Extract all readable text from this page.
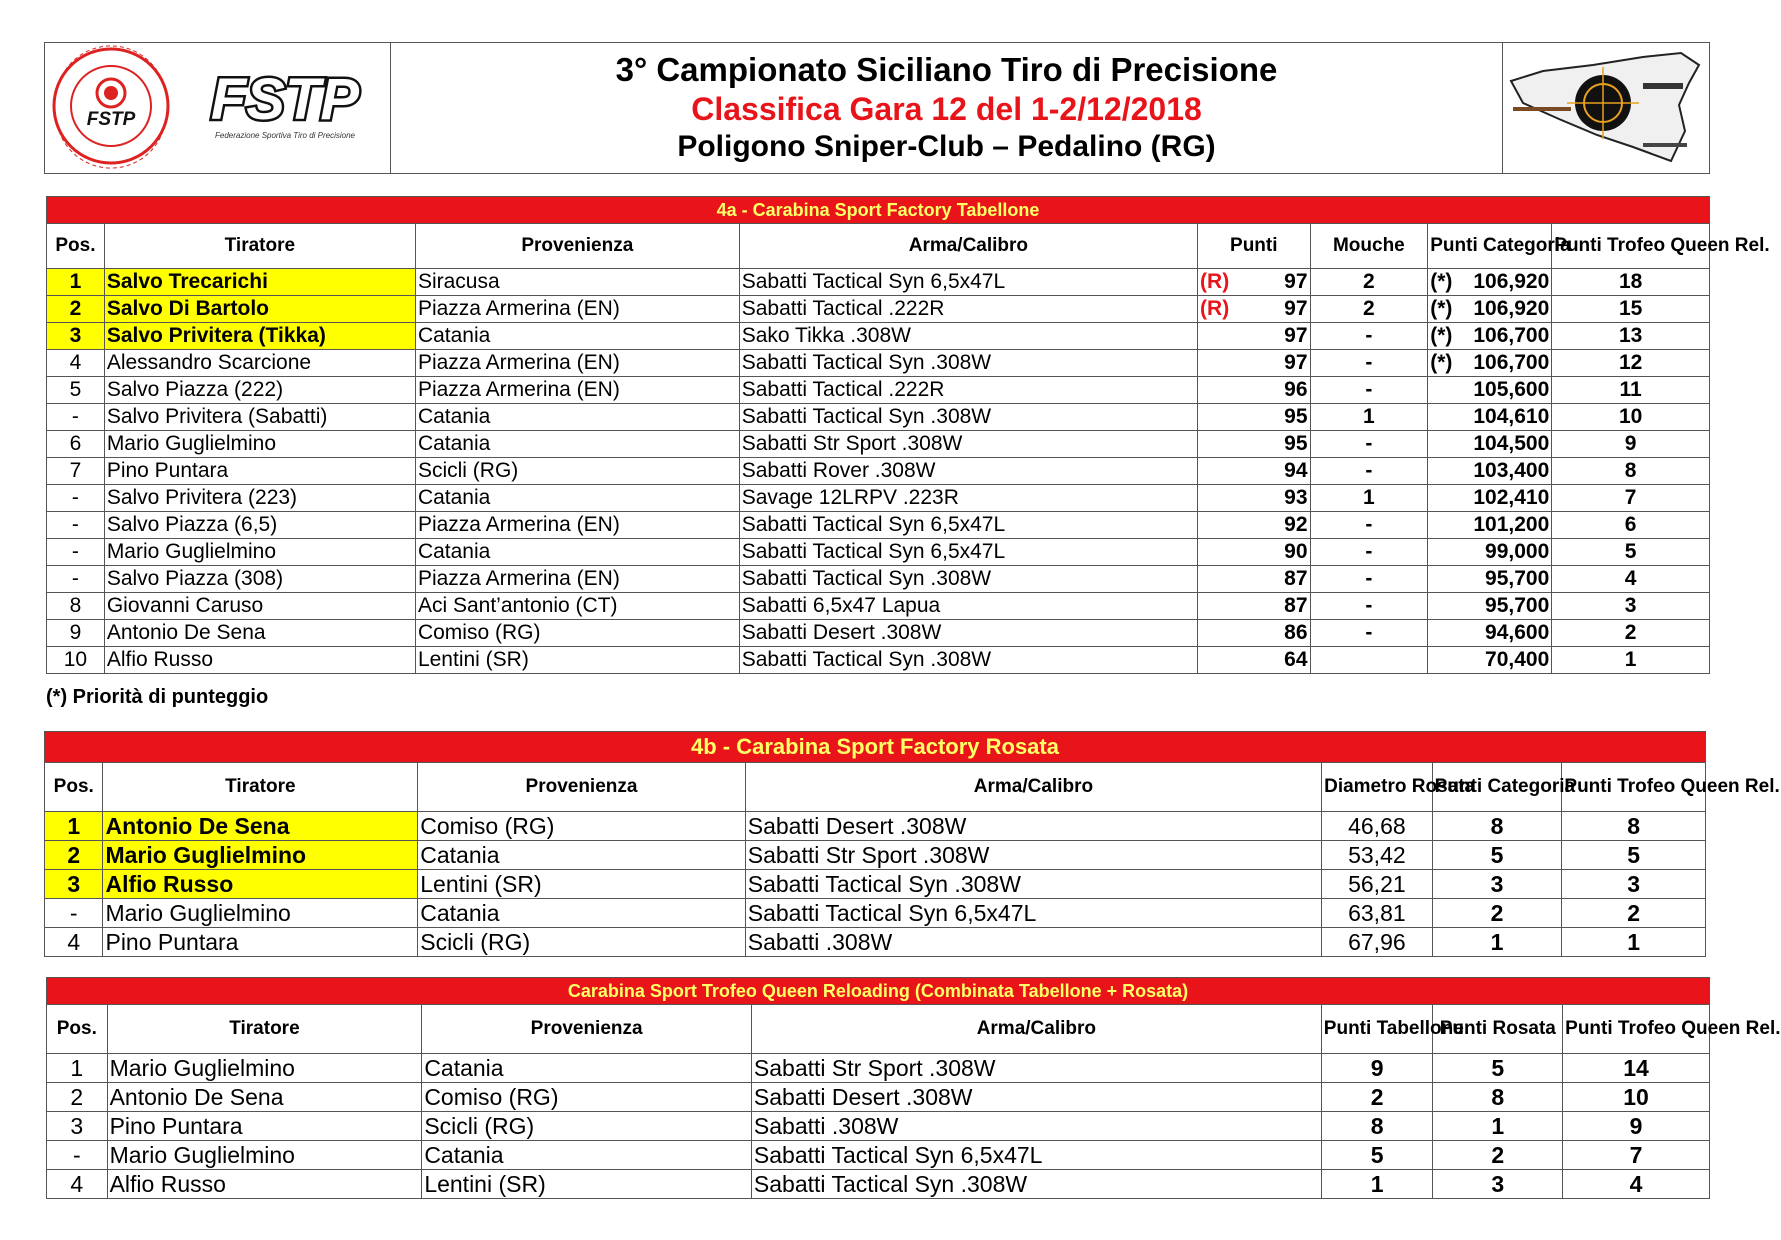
FSTP FSTP
Federazione Sportiva Tiro di Precisione
3° Campionato Siciliano Tiro di Precisione
Classifica Gara 12 del 1-2/12/2018
Poligono Sniper-Club – Pedalino (RG)
4a - Carabina Sport Factory Tabellone							
Pos.	Tiratore	Provenienza	Arma/Calibro	Punti	Mouche	Punti Categoria	Punti Trofeo Queen Rel.
1	Salvo Trecarichi	Siracusa	Sabatti Tactical Syn 6,5x47L	(R) 97	2	(*) 106,920	18
2	Salvo Di Bartolo	Piazza Armerina (EN)	Sabatti Tactical .222R	(R) 97	2	(*) 106,920	15
3	Salvo Privitera (Tikka)	Catania	Sako Tikka .308W	97	-	(*) 106,700	13
4	Alessandro Scarcione	Piazza Armerina (EN)	Sabatti Tactical Syn .308W	97	-	(*) 106,700	12
5	Salvo Piazza (222)	Piazza Armerina (EN)	Sabatti Tactical .222R	96	-	105,600	11
-	Salvo Privitera (Sabatti)	Catania	Sabatti Tactical Syn .308W	95	1	104,610	10
6	Mario Guglielmino	Catania	Sabatti Str Sport .308W	95	-	104,500	9
7	Pino Puntara	Scicli (RG)	Sabatti Rover .308W	94	-	103,400	8
-	Salvo Privitera (223)	Catania	Savage 12LRPV .223R	93	1	102,410	7
-	Salvo Piazza (6,5)	Piazza Armerina (EN)	Sabatti Tactical Syn 6,5x47L	92	-	101,200	6
-	Mario Guglielmino	Catania	Sabatti Tactical Syn 6,5x47L	90	-	99,000	5
-	Salvo Piazza (308)	Piazza Armerina (EN)	Sabatti Tactical Syn .308W	87	-	95,700	4
8	Giovanni Caruso	Aci Sant’antonio (CT)	Sabatti 6,5x47 Lapua	87	-	95,700	3
9	Antonio De Sena	Comiso (RG)	Sabatti Desert .308W	86	-	94,600	2
10	Alfio Russo	Lentini (SR)	Sabatti Tactical Syn .308W	64		70,400	1
(*) Priorità di punteggio
4b - Carabina Sport Factory Rosata						
Pos.	Tiratore	Provenienza	Arma/Calibro	Diametro Rosata	Punti Categoria	Punti Trofeo Queen Rel.
1	Antonio De Sena	Comiso (RG)	Sabatti Desert .308W	46,68	8	8
2	Mario Guglielmino	Catania	Sabatti Str Sport .308W	53,42	5	5
3	Alfio Russo	Lentini (SR)	Sabatti Tactical Syn .308W	56,21	3	3
-	Mario Guglielmino	Catania	Sabatti Tactical Syn 6,5x47L	63,81	2	2
4	Pino Puntara	Scicli (RG)	Sabatti .308W	67,96	1	1
Carabina Sport Trofeo Queen Reloading (Combinata Tabellone + Rosata)						
Pos.	Tiratore	Provenienza	Arma/Calibro	Punti Tabellone	Punti Rosata	Punti Trofeo Queen Rel.
1	Mario Guglielmino	Catania	Sabatti Str Sport .308W	9	5	14
2	Antonio De Sena	Comiso (RG)	Sabatti Desert .308W	2	8	10
3	Pino Puntara	Scicli (RG)	Sabatti .308W	8	1	9
-	Mario Guglielmino	Catania	Sabatti Tactical Syn 6,5x47L	5	2	7
4	Alfio Russo	Lentini (SR)	Sabatti Tactical Syn .308W	1	3	4
